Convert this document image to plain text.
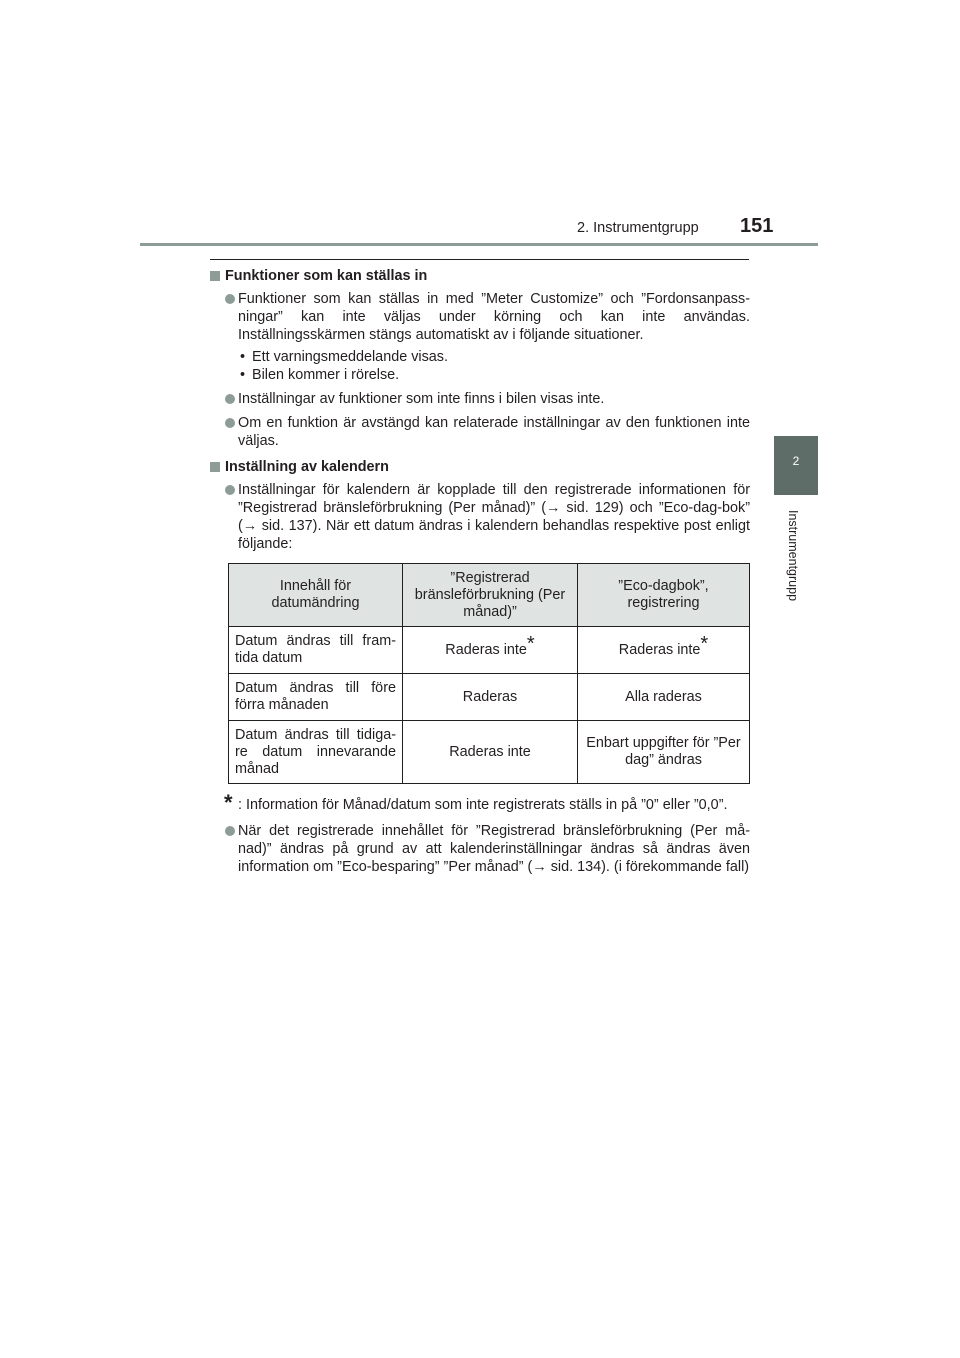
2. Instrumentgrupp 151
2
Instrumentgrupp
Funktioner som kan ställas in
Funktioner som kan ställas in med ”Meter Customize” och ”Fordonsanpass-ningar” kan inte väljas under körning och kan inte användas. Inställningsskärmen stängs automatiskt av i följande situationer.
• Ett varningsmeddelande visas.
• Bilen kommer i rörelse.
Inställningar av funktioner som inte finns i bilen visas inte.
Om en funktion är avstängd kan relaterade inställningar av den funktionen inte väljas.
Inställning av kalendern
Inställningar för kalendern är kopplade till den registrerade informationen för ”Registrerad bränsleförbrukning (Per månad)” (→ sid. 129) och ”Eco-dag-bok” (→ sid. 137). När ett datum ändras i kalendern behandlas respektive post enligt följande:
Innehåll för datumändring	”Registrerad bränsleförbrukning (Per månad)”	”Eco-dagbok”, registrering
Datum ändras till fram-tida datum	Raderas inte*	Raderas inte*
Datum ändras till före förra månaden	Raderas	Alla raderas
Datum ändras till tidiga-re datum innevarande månad	Raderas inte	Enbart uppgifter för ”Per dag” ändras
* : Information för Månad/datum som inte registrerats ställs in på ”0” eller ”0,0”.
När det registrerade innehållet för ”Registrerad bränsleförbrukning (Per må-nad)” ändras på grund av att kalenderinställningar ändras så ändras även information om ”Eco-besparing” ”Per månad” (→ sid. 134). (i förekommande fall)
